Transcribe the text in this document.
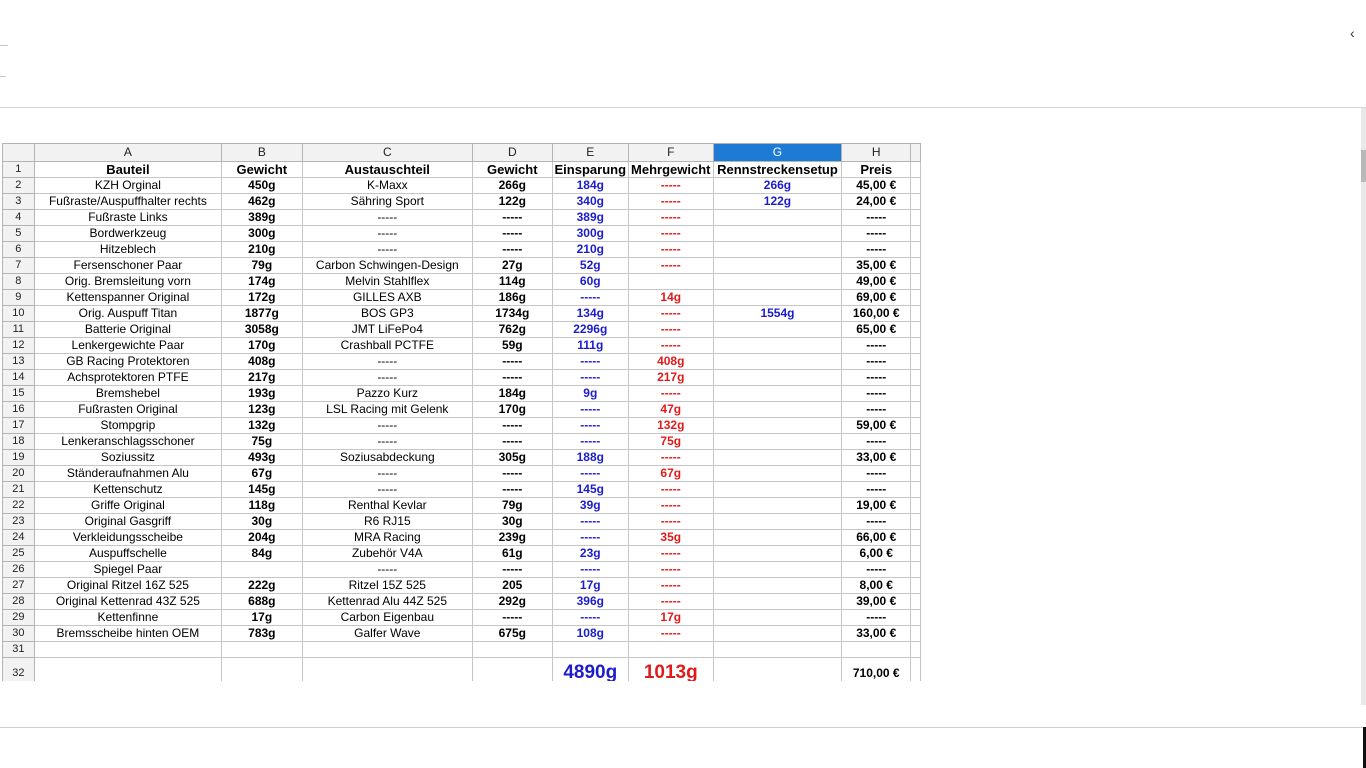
‹
	A	B	C	D	E	F	G	H	
1	Bauteil	Gewicht	Austauschteil	Gewicht	Einsparung	Mehrgewicht	Rennstreckensetup	Preis	
2	KZH Orginal	450g	K-Maxx	266g	184g	-----	266g	45,00 €	
3	Fußraste/Auspuffhalter rechts	462g	Sähring Sport	122g	340g	-----	122g	24,00 €	
4	Fußraste Links	389g	-----	-----	389g	-----		-----	
5	Bordwerkzeug	300g	-----	-----	300g	-----		-----	
6	Hitzeblech	210g	-----	-----	210g	-----		-----	
7	Fersenschoner Paar	79g	Carbon Schwingen-Design	27g	52g	-----		35,00 €	
8	Orig. Bremsleitung vorn	174g	Melvin Stahlflex	114g	60g			49,00 €	
9	Kettenspanner Original	172g	GILLES AXB	186g	-----	14g		69,00 €	
10	Orig. Auspuff Titan	1877g	BOS GP3	1734g	134g	-----	1554g	160,00 €	
11	Batterie Original	3058g	JMT LiFePo4	762g	2296g	-----		65,00 €	
12	Lenkergewichte Paar	170g	Crashball PCTFE	59g	111g	-----		-----	
13	GB Racing Protektoren	408g	-----	-----	-----	408g		-----	
14	Achsprotektoren PTFE	217g	-----	-----	-----	217g		-----	
15	Bremshebel	193g	Pazzo Kurz	184g	9g	-----		-----	
16	Fußrasten Original	123g	LSL Racing mit Gelenk	170g	-----	47g		-----	
17	Stompgrip	132g	-----	-----	-----	132g		59,00 €	
18	Lenkeranschlagsschoner	75g	-----	-----	-----	75g		-----	
19	Soziussitz	493g	Soziusabdeckung	305g	188g	-----		33,00 €	
20	Ständeraufnahmen Alu	67g	-----	-----	-----	67g		-----	
21	Kettenschutz	145g	-----	-----	145g	-----		-----	
22	Griffe Original	118g	Renthal Kevlar	79g	39g	-----		19,00 €	
23	Original Gasgriff	30g	R6 RJ15	30g	-----	-----		-----	
24	Verkleidungsscheibe	204g	MRA Racing	239g	-----	35g		66,00 €	
25	Auspuffschelle	84g	Zubehör V4A	61g	23g	-----		6,00 €	
26	Spiegel Paar		-----	-----	-----	-----		-----	
27	Original Ritzel 16Z 525	222g	Ritzel 15Z 525	205	17g	-----		8,00 €	
28	Original Kettenrad 43Z 525	688g	Kettenrad Alu 44Z 525	292g	396g	-----		39,00 €	
29	Kettenfinne	17g	Carbon Eigenbau	-----	-----	17g		-----	
30	Bremsscheibe hinten OEM	783g	Galfer Wave	675g	108g	-----		33,00 €	
31									
32					4890g	1013g		710,00 €	
